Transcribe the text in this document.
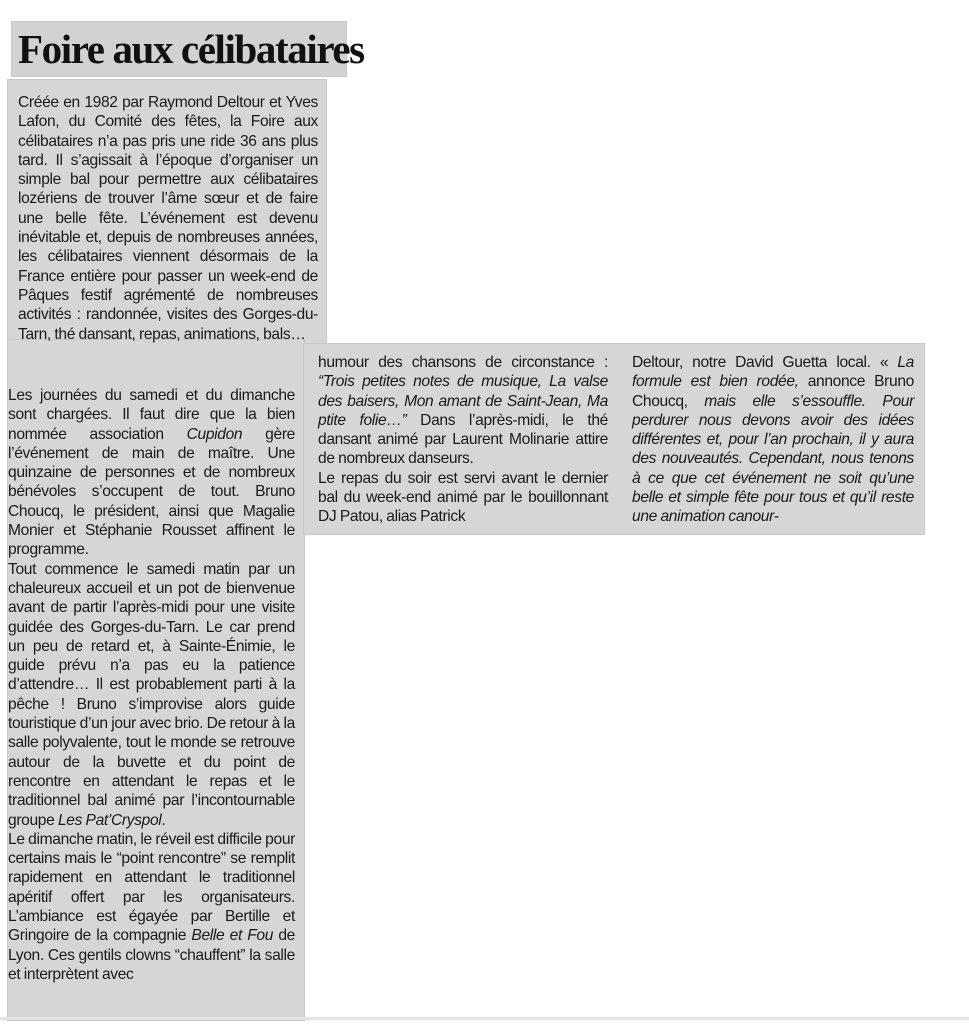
Foire aux célibataires

Créée en 1982 par Raymond Deltour et Yves Lafon, du Comité des fêtes, la Foire aux célibataires n’a pas pris une ride 36 ans plus tard. Il s’agissait à l’époque d’organiser un simple bal pour permettre aux célibataires lozériens de trouver l’âme sœur et de faire une belle fête. L’événement est devenu inévitable et, depuis de nombreuses années, les célibataires viennent désormais de la France entière pour passer un week-end de Pâques festif agrémenté de nombreuses activités : randonnée, visites des Gorges-du-Tarn, thé dansant, repas, animations, bals…

Les journées du samedi et du dimanche sont chargées. Il faut dire que la bien nommée association Cupidon gère l’événement de main de maître. Une quinzaine de personnes et de nombreux bénévoles s’occupent de tout. Bruno Choucq, le président, ainsi que Magalie Monier et Stéphanie Rousset affinent le programme.

Tout commence le samedi matin par un chaleureux accueil et un pot de bienvenue avant de partir l’après-midi pour une visite guidée des Gorges-du-Tarn. Le car prend un peu de retard et, à Sainte-Énimie, le guide prévu n’a pas eu la patience d’attendre… Il est probablement parti à la pêche ! Bruno s’improvise alors guide touristique d’un jour avec brio. De retour à la salle polyvalente, tout le monde se retrouve autour de la buvette et du point de rencontre en attendant le repas et le traditionnel bal animé par l’incontournable groupe Les Pat’Cryspol.

Le dimanche matin, le réveil est difficile pour certains mais le “point rencontre” se remplit rapidement en attendant le traditionnel apéritif offert par les organisateurs. L’ambiance est égayée par Bertille et Gringoire de la compagnie Belle et Fou de Lyon. Ces gentils clowns “chauffent” la salle et interprètent avec

humour des chansons de circonstance : “Trois petites notes de musique, La valse des baisers, Mon amant de Saint-Jean, Ma ptite folie…” Dans l’après-midi, le thé dansant animé par Laurent Molinarie attire de nombreux danseurs.

Le repas du soir est servi avant le dernier bal du week-end animé par le bouillonnant DJ Patou, alias Patrick

Deltour, notre David Guetta local. « La formule est bien rodée, annonce Bruno Choucq, mais elle s’essouffle. Pour perdurer nous devons avoir des idées différentes et, pour l’an prochain, il y aura des nouveautés. Cependant, nous tenons à ce que cet événement ne soit qu’une belle et simple fête pour tous et qu’il reste une animation canour-
